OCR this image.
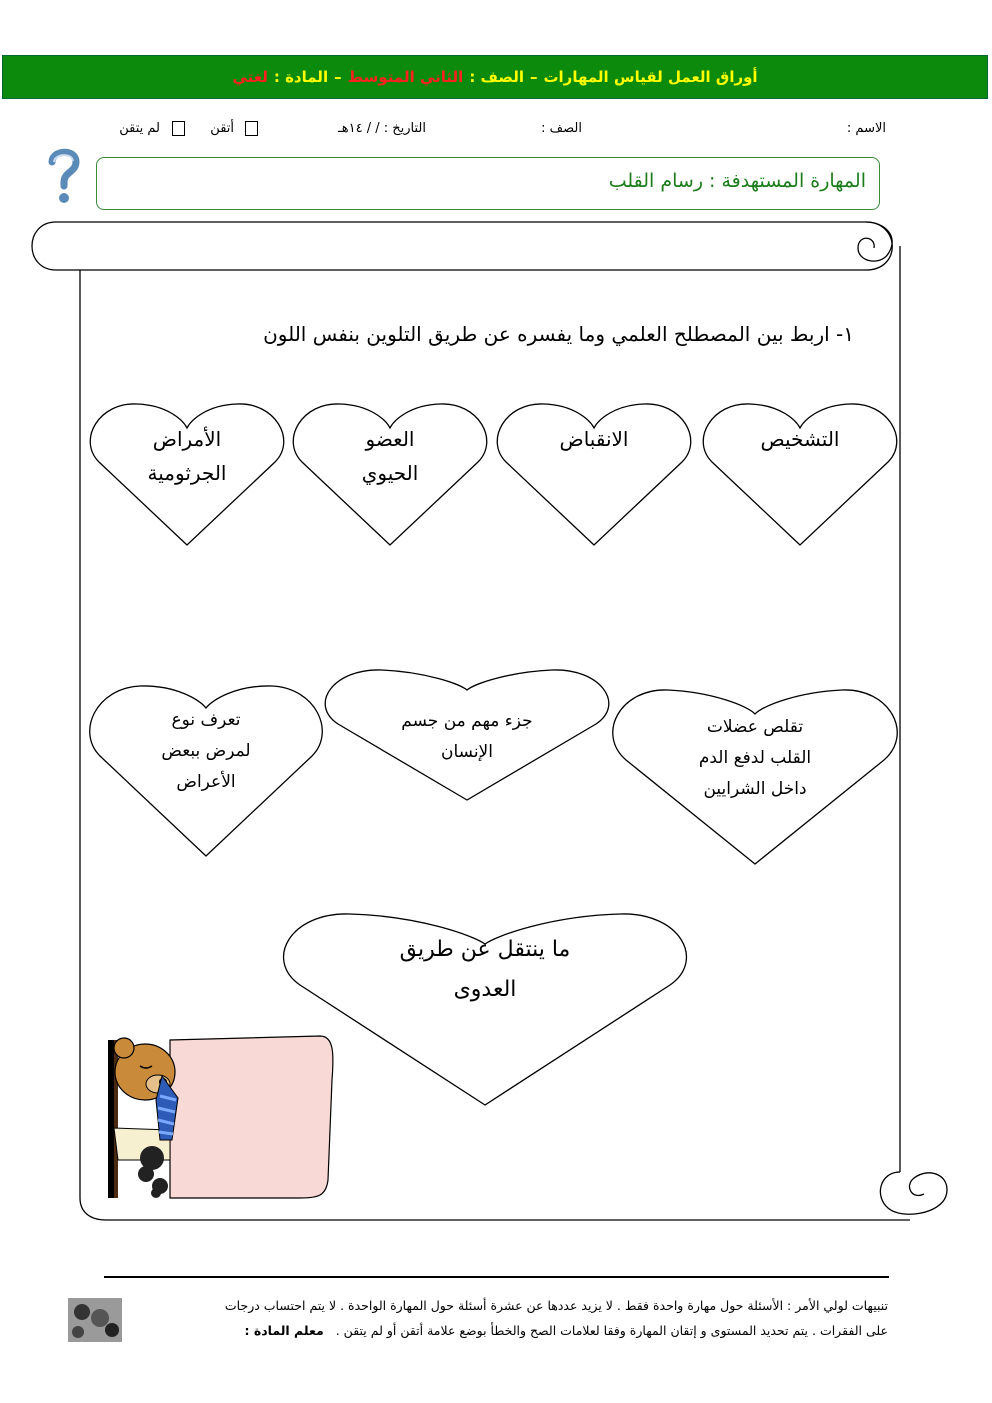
أوراق العمل لقياس المهارات
–
الصف :
الثاني المتوسط
–
المادة :
لغتي
الاسم :
الصف :
التاريخ : / / ١٤هـ
أتقن
لم يتقن
المهارة المستهدفة : رسام القلب
١- اربط بين المصطلح العلمي وما يفسره عن طريق التلوين بنفس اللون
التشخيص
الانقباض
العضو
الحيوي
الأمراض
الجرثومية
تقلص عضلات
القلب لدفع الدم
داخل الشرايين
جزء مهم من جسم
الإنسان
تعرف نوع
لمرض ببعض
الأعراض
ما ينتقل عن طريق
العدوى
تنبيهات لولي الأمر : الأسئلة حول مهارة واحدة فقط . لا يزيد عددها عن عشرة أسئلة حول المهارة الواحدة . لا يتم احتساب درجات
على الفقرات . يتم تحديد المستوى و إتقان المهارة وفقا لعلامات الصح والخطأ بوضع علامة أتقن أو لم يتقن . معلم المادة :
